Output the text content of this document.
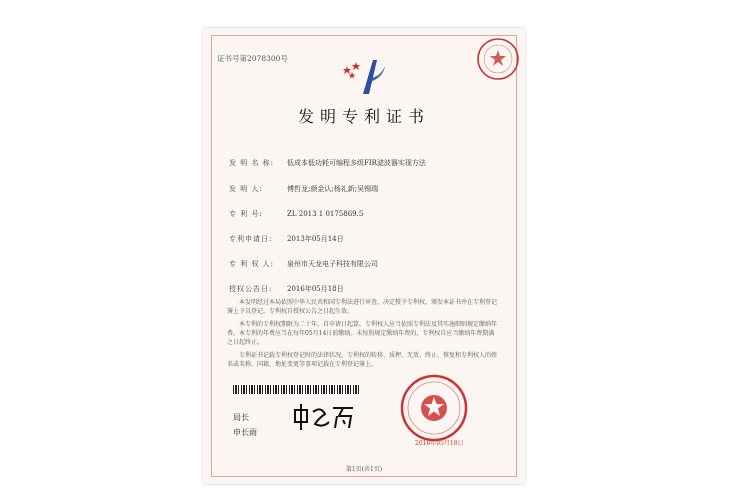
证书号第2078300号
发明专利证书
发 明 名 称: 低成本低功耗可编程多级FIR滤波器实现方法
发 明 人:	傅哲龙;颜金认;杨礼新;吴锡瑞
专 利 号:	ZL 2013 1 0175869.5
专利申请日: 2013年05月14日
专 利 权 人: 泉州市天龙电子科技有限公司
授权公告日: 2016年05月18日
本发明经过本局依照中华人民共和国专利法进行审查，决定授予专利权，颁发本证书并在专利登记簿上予以登记。专利权自授权公告之日起生效。
本专利的专利权期限为二十年，自申请日起算。专利权人应当依照专利法及其实施细则规定缴纳年费。本专利的年费应当在每年05月14日前缴纳。未按照规定缴纳年费的，专利权自应当缴纳年费期满之日起终止。
专利证书记载专利权登记时的法律状况。专利权的转移、质押、无效、终止、恢复和专利权人的姓名或名称、国籍、地址变更等事项记载在专利登记簿上。
局长
申长雨
2016年05月18日
第1页(共1页)
